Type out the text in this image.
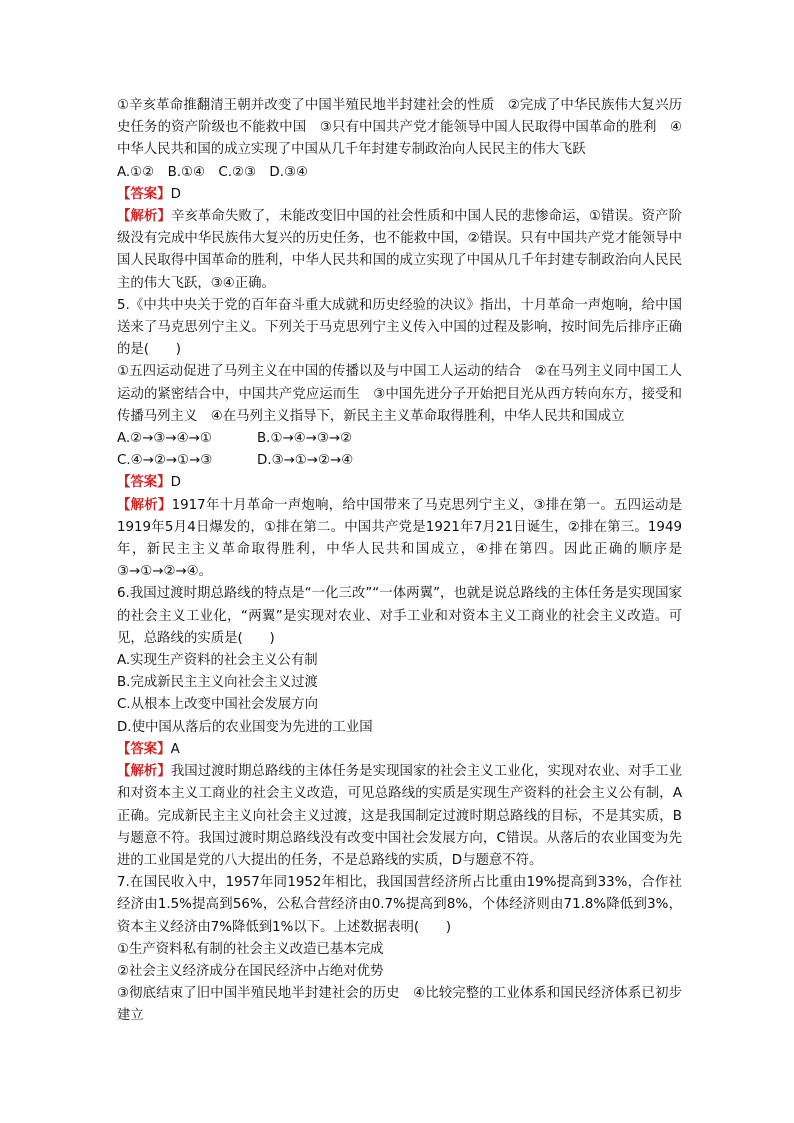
①辛亥革命推翻清王朝并改变了中国半殖民地半封建社会的性质　②完成了中华民族伟大复兴历史任务的资产阶级也不能救中国　③只有中国共产党才能领导中国人民取得中国革命的胜利　④中华人民共和国的成立实现了中国从几千年封建专制政治向人民民主的伟大飞跃

A.①②　B.①④　C.②③　D.③④

【答案】D

【解析】辛亥革命失败了，未能改变旧中国的社会性质和中国人民的悲惨命运，①错误。资产阶级没有完成中华民族伟大复兴的历史任务，也不能救中国，②错误。只有中国共产党才能领导中国人民取得中国革命的胜利，中华人民共和国的成立实现了中国从几千年封建专制政治向人民民主的伟大飞跃，③④正确。

5.《中共中央关于党的百年奋斗重大成就和历史经验的决议》指出，十月革命一声炮响，给中国送来了马克思列宁主义。下列关于马克思列宁主义传入中国的过程及影响，按时间先后排序正确的是(　　)

①五四运动促进了马列主义在中国的传播以及与中国工人运动的结合　②在马列主义同中国工人运动的紧密结合中，中国共产党应运而生　③中国先进分子开始把目光从西方转向东方，接受和传播马列主义　④在马列主义指导下，新民主主义革命取得胜利，中华人民共和国成立

A.②→③→④→①	B.①→④→③→②
C.④→②→①→③	D.③→①→②→④

【答案】D

【解析】1917年十月革命一声炮响，给中国带来了马克思列宁主义，③排在第一。五四运动是1919年5月4日爆发的，①排在第二。中国共产党是1921年7月21日诞生，②排在第三。1949年，新民主主义革命取得胜利，中华人民共和国成立，④排在第四。因此正确的顺序是③→①→②→④。

6.我国过渡时期总路线的特点是“一化三改”“一体两翼”，也就是说总路线的主体任务是实现国家的社会主义工业化，“两翼”是实现对农业、对手工业和对资本主义工商业的社会主义改造。可见，总路线的实质是(　　)

A.实现生产资料的社会主义公有制

B.完成新民主主义向社会主义过渡

C.从根本上改变中国社会发展方向

D.使中国从落后的农业国变为先进的工业国

【答案】A

【解析】我国过渡时期总路线的主体任务是实现国家的社会主义工业化，实现对农业、对手工业和对资本主义工商业的社会主义改造，可见总路线的实质是实现生产资料的社会主义公有制，A正确。完成新民主主义向社会主义过渡，这是我国制定过渡时期总路线的目标，不是其实质，B与题意不符。我国过渡时期总路线没有改变中国社会发展方向，C错误。从落后的农业国变为先进的工业国是党的八大提出的任务，不是总路线的实质，D与题意不符。

7.在国民收入中，1957年同1952年相比，我国国营经济所占比重由19%提高到33%，合作社经济由1.5%提高到56%，公私合营经济由0.7%提高到8%，个体经济则由71.8%降低到3%，资本主义经济由7%降低到1%以下。上述数据表明(　　)

①生产资料私有制的社会主义改造已基本完成

②社会主义经济成分在国民经济中占绝对优势

③彻底结束了旧中国半殖民地半封建社会的历史　④比较完整的工业体系和国民经济体系已初步建立
